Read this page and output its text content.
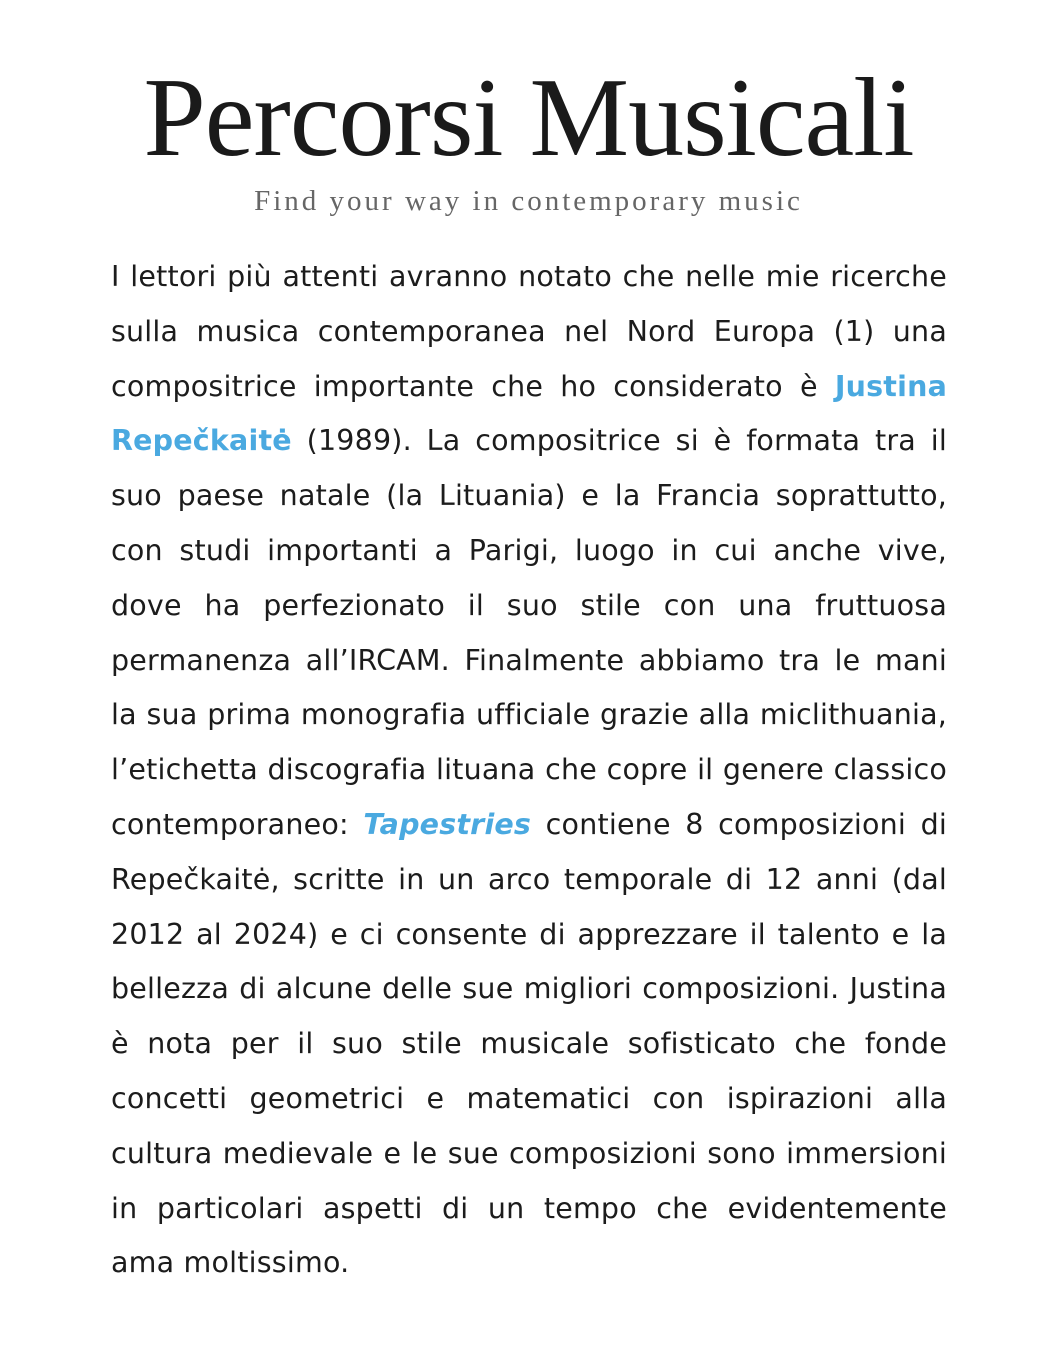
Percorsi Musicali
Find your way in contemporary music

I lettori più attenti avranno notato che nelle mie ricerche sulla musica contemporanea nel Nord Europa (1) una compositrice importante che ho considerato è Justina Repečkaitė (1989). La compositrice si è formata tra il suo paese natale (la Lituania) e la Francia soprattutto, con studi importanti a Parigi, luogo in cui anche vive, dove ha perfezionato il suo stile con una fruttuosa permanenza all’IRCAM. Finalmente abbiamo tra le mani la sua prima monografia ufficiale grazie alla miclithuania, l’etichetta discografia lituana che copre il genere classico contemporaneo: Tapestries contiene 8 composizioni di Repečkaitė, scritte in un arco temporale di 12 anni (dal 2012 al 2024) e ci consente di apprezzare il talento e la bellezza di alcune delle sue migliori composizioni. Justina è nota per il suo stile musicale sofisticato che fonde concetti geometrici e matematici con ispirazioni alla cultura medievale e le sue composizioni sono immersioni in particolari aspetti di un tempo che evidentemente ama moltissimo.
